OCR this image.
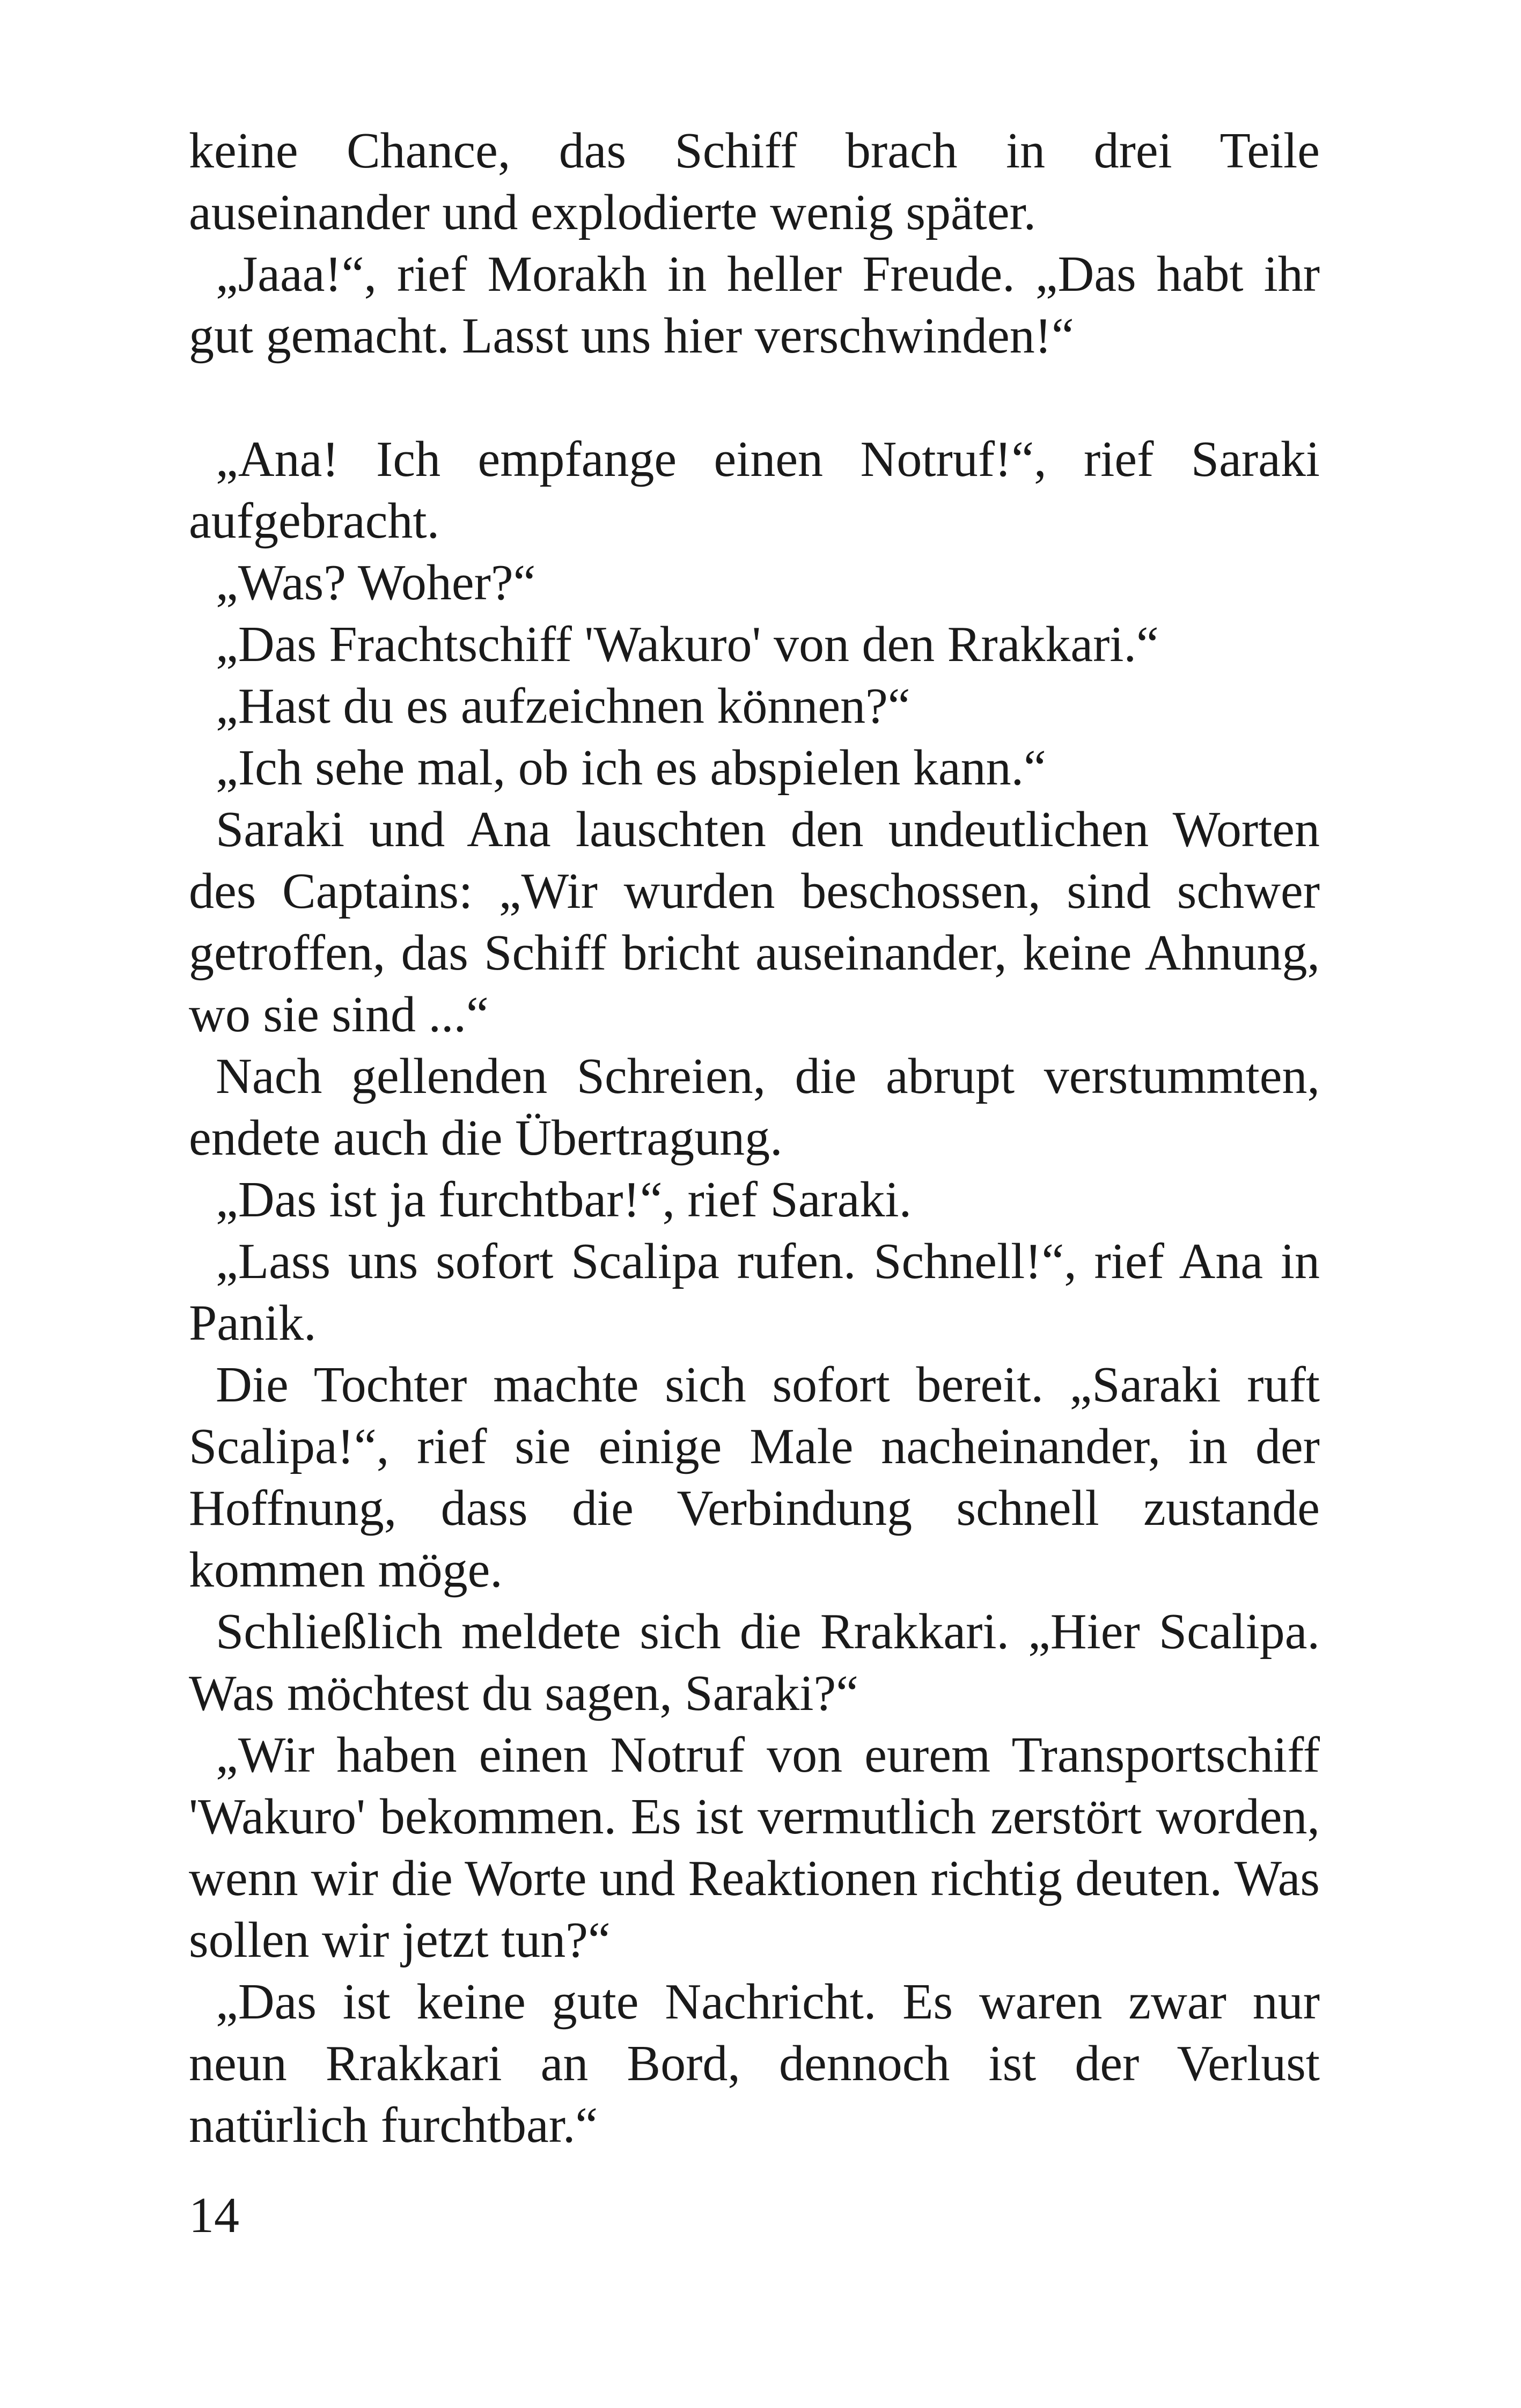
keine Chance, das Schiff brach in drei Teile auseinander und explodierte wenig später.

„Jaaa!“, rief Morakh in heller Freude. „Das habt ihr gut gemacht. Lasst uns hier verschwinden!“

„Ana! Ich empfange einen Notruf!“, rief Saraki aufgebracht.

„Was? Woher?“

„Das Frachtschiff 'Wakuro' von den Rrakkari.“

„Hast du es aufzeichnen können?“

„Ich sehe mal, ob ich es abspielen kann.“

Saraki und Ana lauschten den undeutlichen Worten des Captains: „Wir wurden beschossen, sind schwer getroffen, das Schiff bricht auseinander, keine Ahnung, wo sie sind ...“

Nach gellenden Schreien, die abrupt verstummten, endete auch die Übertragung.

„Das ist ja furchtbar!“, rief Saraki.

„Lass uns sofort Scalipa rufen. Schnell!“, rief Ana in Panik.

Die Tochter machte sich sofort bereit. „Saraki ruft Scalipa!“, rief sie einige Male nacheinander, in der Hoffnung, dass die Verbindung schnell zustande kommen möge.

Schließlich meldete sich die Rrakkari. „Hier Scalipa. Was möchtest du sagen, Saraki?“

„Wir haben einen Notruf von eurem Transportschiff 'Wakuro' bekommen. Es ist vermutlich zerstört worden, wenn wir die Worte und Reaktionen richtig deuten. Was sollen wir jetzt tun?“

„Das ist keine gute Nachricht. Es waren zwar nur neun Rrakkari an Bord, dennoch ist der Verlust natürlich furchtbar.“

14
